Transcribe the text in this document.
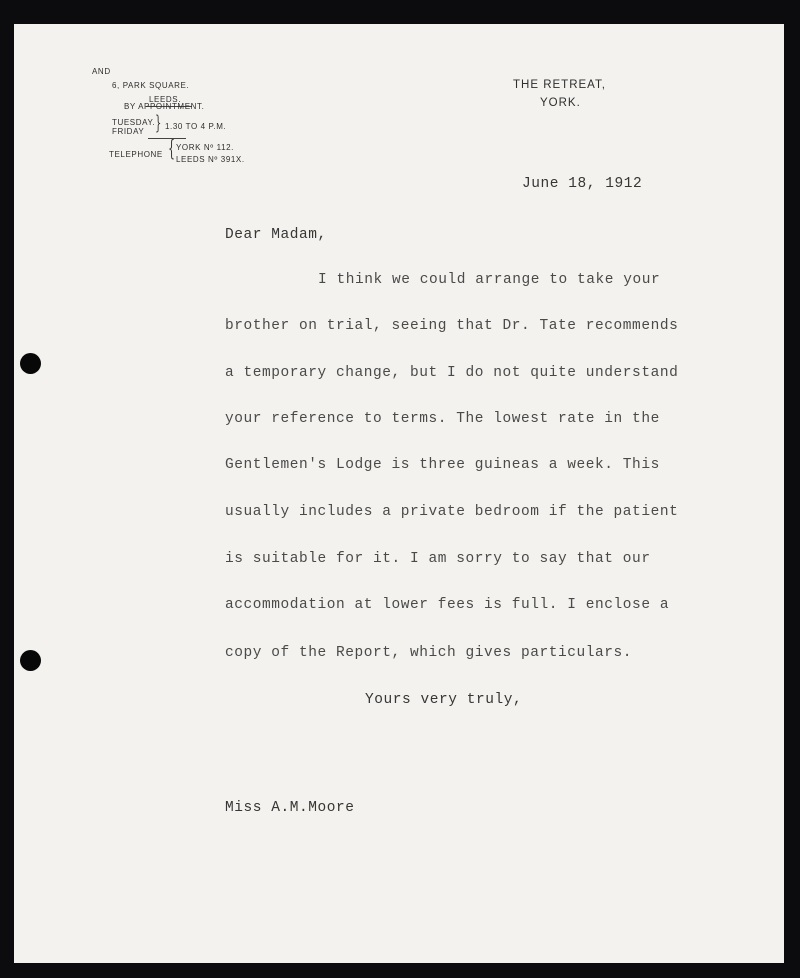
AND
6, PARK SQUARE.
LEEDS.
BY APPOINTMENT.
TUESDAY.
FRIDAY } 1.30 TO 4 P.M.
TELEPHONE { YORK Nº 112.
LEEDS Nº 391X.
THE RETREAT,
YORK.
June 18, 1912
Dear Madam,
I think we could arrange to take your
brother on trial, seeing that Dr. Tate recommends
a temporary change, but I do not quite understand
your reference to terms. The lowest rate in the
Gentlemen's Lodge is three guineas a week. This
usually includes a private bedroom if the patient
is suitable for it. I am sorry to say that our
accommodation at lower fees is full. I enclose a
copy of the Report, which gives particulars.
Yours very truly,
Miss A.M.Moore
